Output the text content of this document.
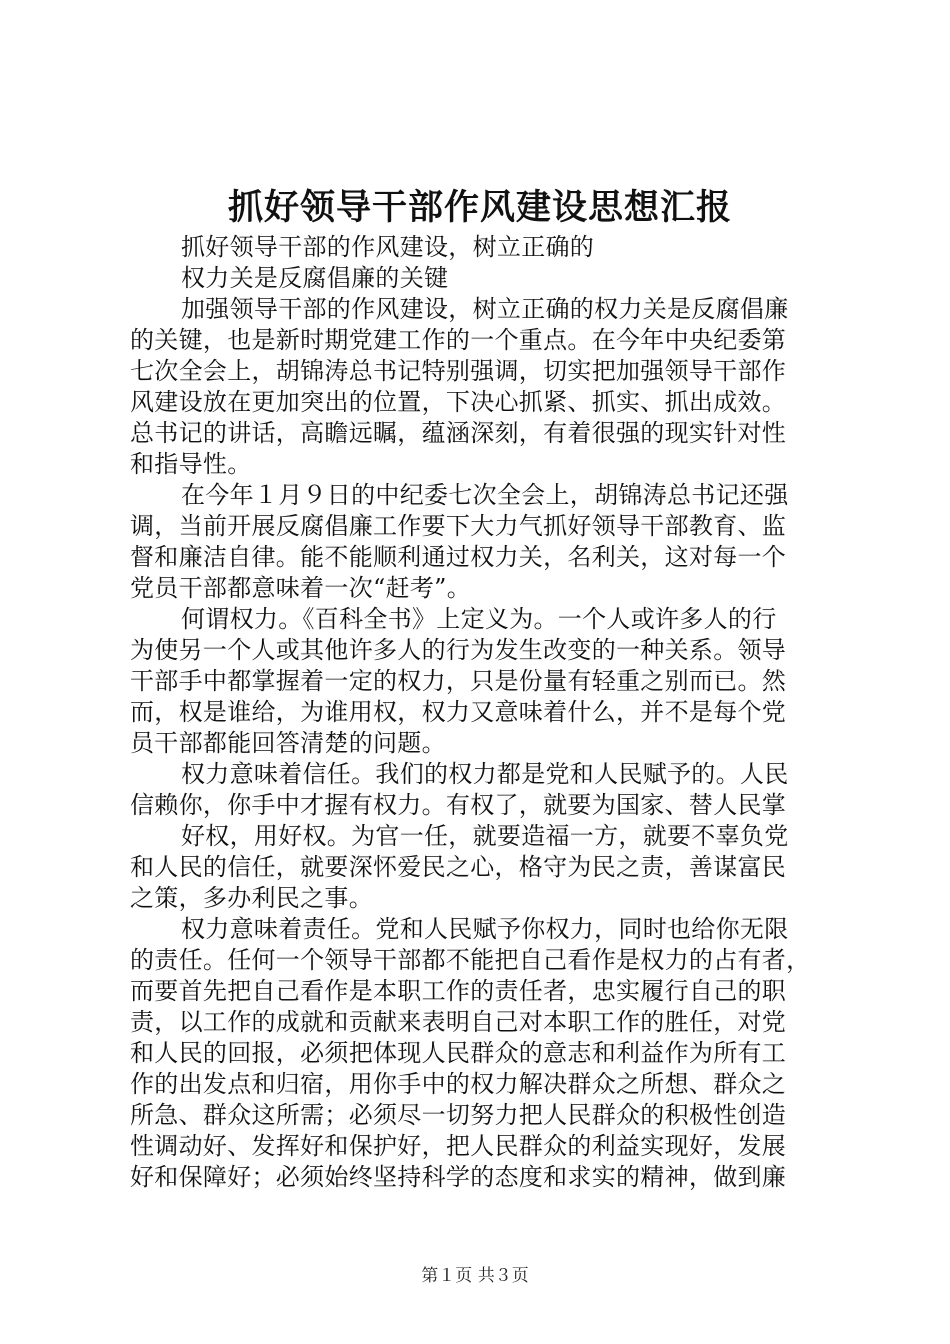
抓好领导干部作风建设思想汇报
抓好领导干部的作风建设，树立正确的
权力关是反腐倡廉的关键
加强领导干部的作风建设，树立正确的权力关是反腐倡廉
的关键，也是新时期党建工作的一个重点。在今年中央纪委第
七次全会上，胡锦涛总书记特别强调，切实把加强领导干部作
风建设放在更加突出的位置，下决心抓紧、抓实、抓出成效。
总书记的讲话，高瞻远瞩，蕴涵深刻，有着很强的现实针对性
和指导性。
在今年１月９日的中纪委七次全会上，胡锦涛总书记还强
调，当前开展反腐倡廉工作要下大力气抓好领导干部教育、监
督和廉洁自律。能不能顺利通过权力关，名利关，这对每一个
党员干部都意味着一次“赶考”。
何谓权力。《百科全书》上定义为。一个人或许多人的行
为使另一个人或其他许多人的行为发生改变的一种关系。领导
干部手中都掌握着一定的权力，只是份量有轻重之别而已。然
而，权是谁给，为谁用权，权力又意味着什么，并不是每个党
员干部都能回答清楚的问题。
权力意味着信任。我们的权力都是党和人民赋予的。人民
信赖你，你手中才握有权力。有权了，就要为国家、替人民掌
好权，用好权。为官一任，就要造福一方，就要不辜负党
和人民的信任，就要深怀爱民之心，格守为民之责，善谋富民
之策，多办利民之事。
权力意味着责任。党和人民赋予你权力，同时也给你无限
的责任。任何一个领导干部都不能把自己看作是权力的占有者，
而要首先把自己看作是本职工作的责任者，忠实履行自己的职
责，以工作的成就和贡献来表明自己对本职工作的胜任，对党
和人民的回报，必须把体现人民群众的意志和利益作为所有工
作的出发点和归宿，用你手中的权力解决群众之所想、群众之
所急、群众这所需；必须尽一切努力把人民群众的积极性创造
性调动好、发挥好和保护好，把人民群众的利益实现好，发展
好和保障好；必须始终坚持科学的态度和求实的精神，做到廉
第１页 共３页
